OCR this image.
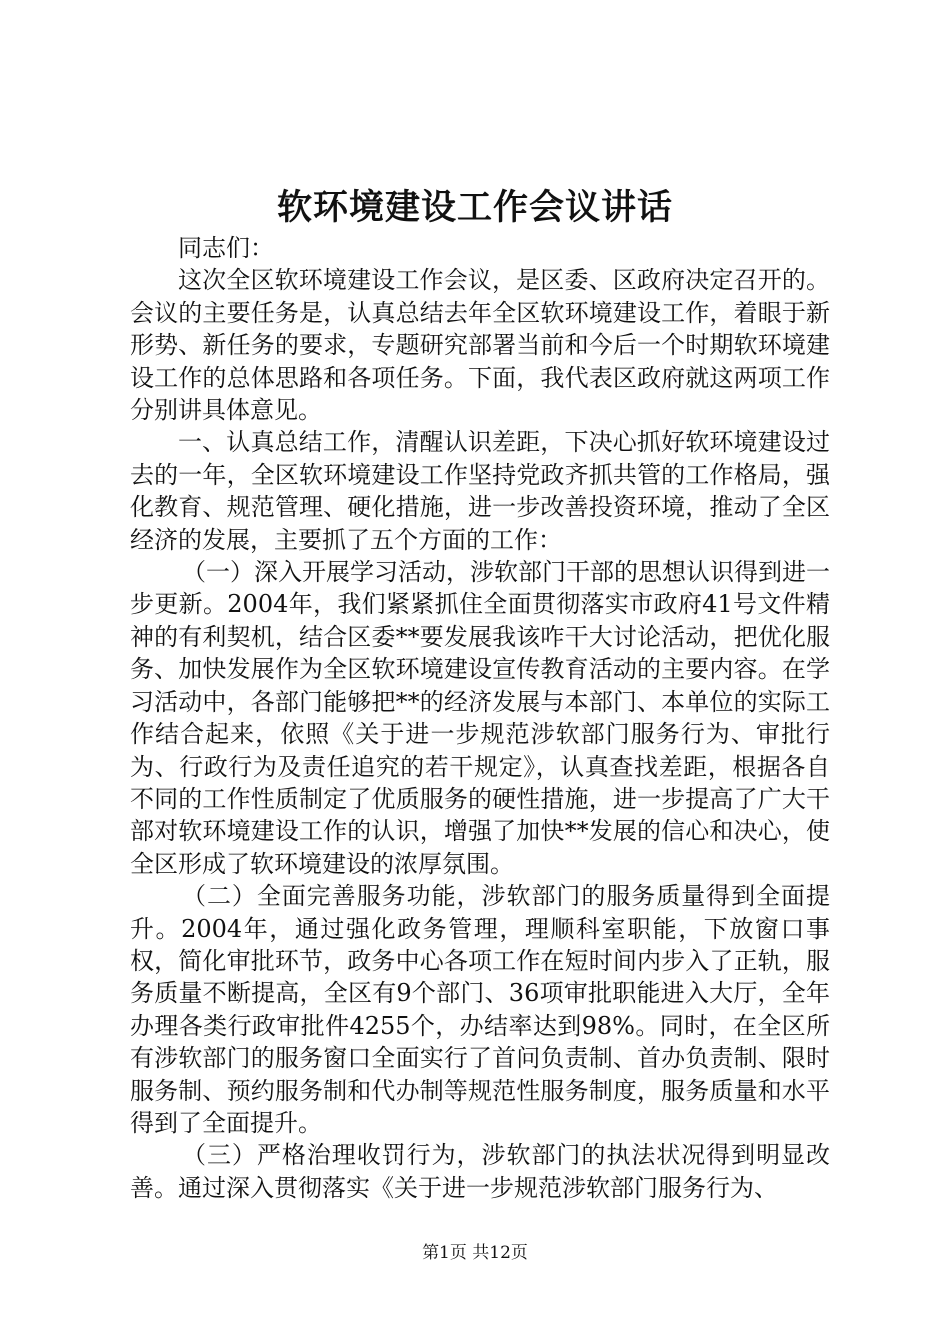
软环境建设工作会议讲话

同志们：

这次全区软环境建设工作会议，是区委、区政府决定召开的。会议的主要任务是，认真总结去年全区软环境建设工作，着眼于新形势、新任务的要求，专题研究部署当前和今后一个时期软环境建设工作的总体思路和各项任务。下面，我代表区政府就这两项工作分别讲具体意见。

一、认真总结工作，清醒认识差距，下决心抓好软环境建设过去的一年，全区软环境建设工作坚持党政齐抓共管的工作格局，强化教育、规范管理、硬化措施，进一步改善投资环境，推动了全区经济的发展，主要抓了五个方面的工作：

（一）深入开展学习活动，涉软部门干部的思想认识得到进一步更新。2004年，我们紧紧抓住全面贯彻落实市政府41号文件精神的有利契机，结合区委**要发展我该咋干大讨论活动，把优化服务、加快发展作为全区软环境建设宣传教育活动的主要内容。在学习活动中，各部门能够把**的经济发展与本部门、本单位的实际工作结合起来，依照《关于进一步规范涉软部门服务行为、审批行为、行政行为及责任追究的若干规定》，认真查找差距，根据各自不同的工作性质制定了优质服务的硬性措施，进一步提高了广大干部对软环境建设工作的认识，增强了加快**发展的信心和决心，使全区形成了软环境建设的浓厚氛围。

（二）全面完善服务功能，涉软部门的服务质量得到全面提升。2004年，通过强化政务管理，理顺科室职能，下放窗口事权，简化审批环节，政务中心各项工作在短时间内步入了正轨，服务质量不断提高，全区有9个部门、36项审批职能进入大厅，全年办理各类行政审批件4255个，办结率达到98%。同时，在全区所有涉软部门的服务窗口全面实行了首问负责制、首办负责制、限时服务制、预约服务制和代办制等规范性服务制度，服务质量和水平得到了全面提升。

（三）严格治理收罚行为，涉软部门的执法状况得到明显改善。通过深入贯彻落实《关于进一步规范涉软部门服务行为、

第1页 共12页
